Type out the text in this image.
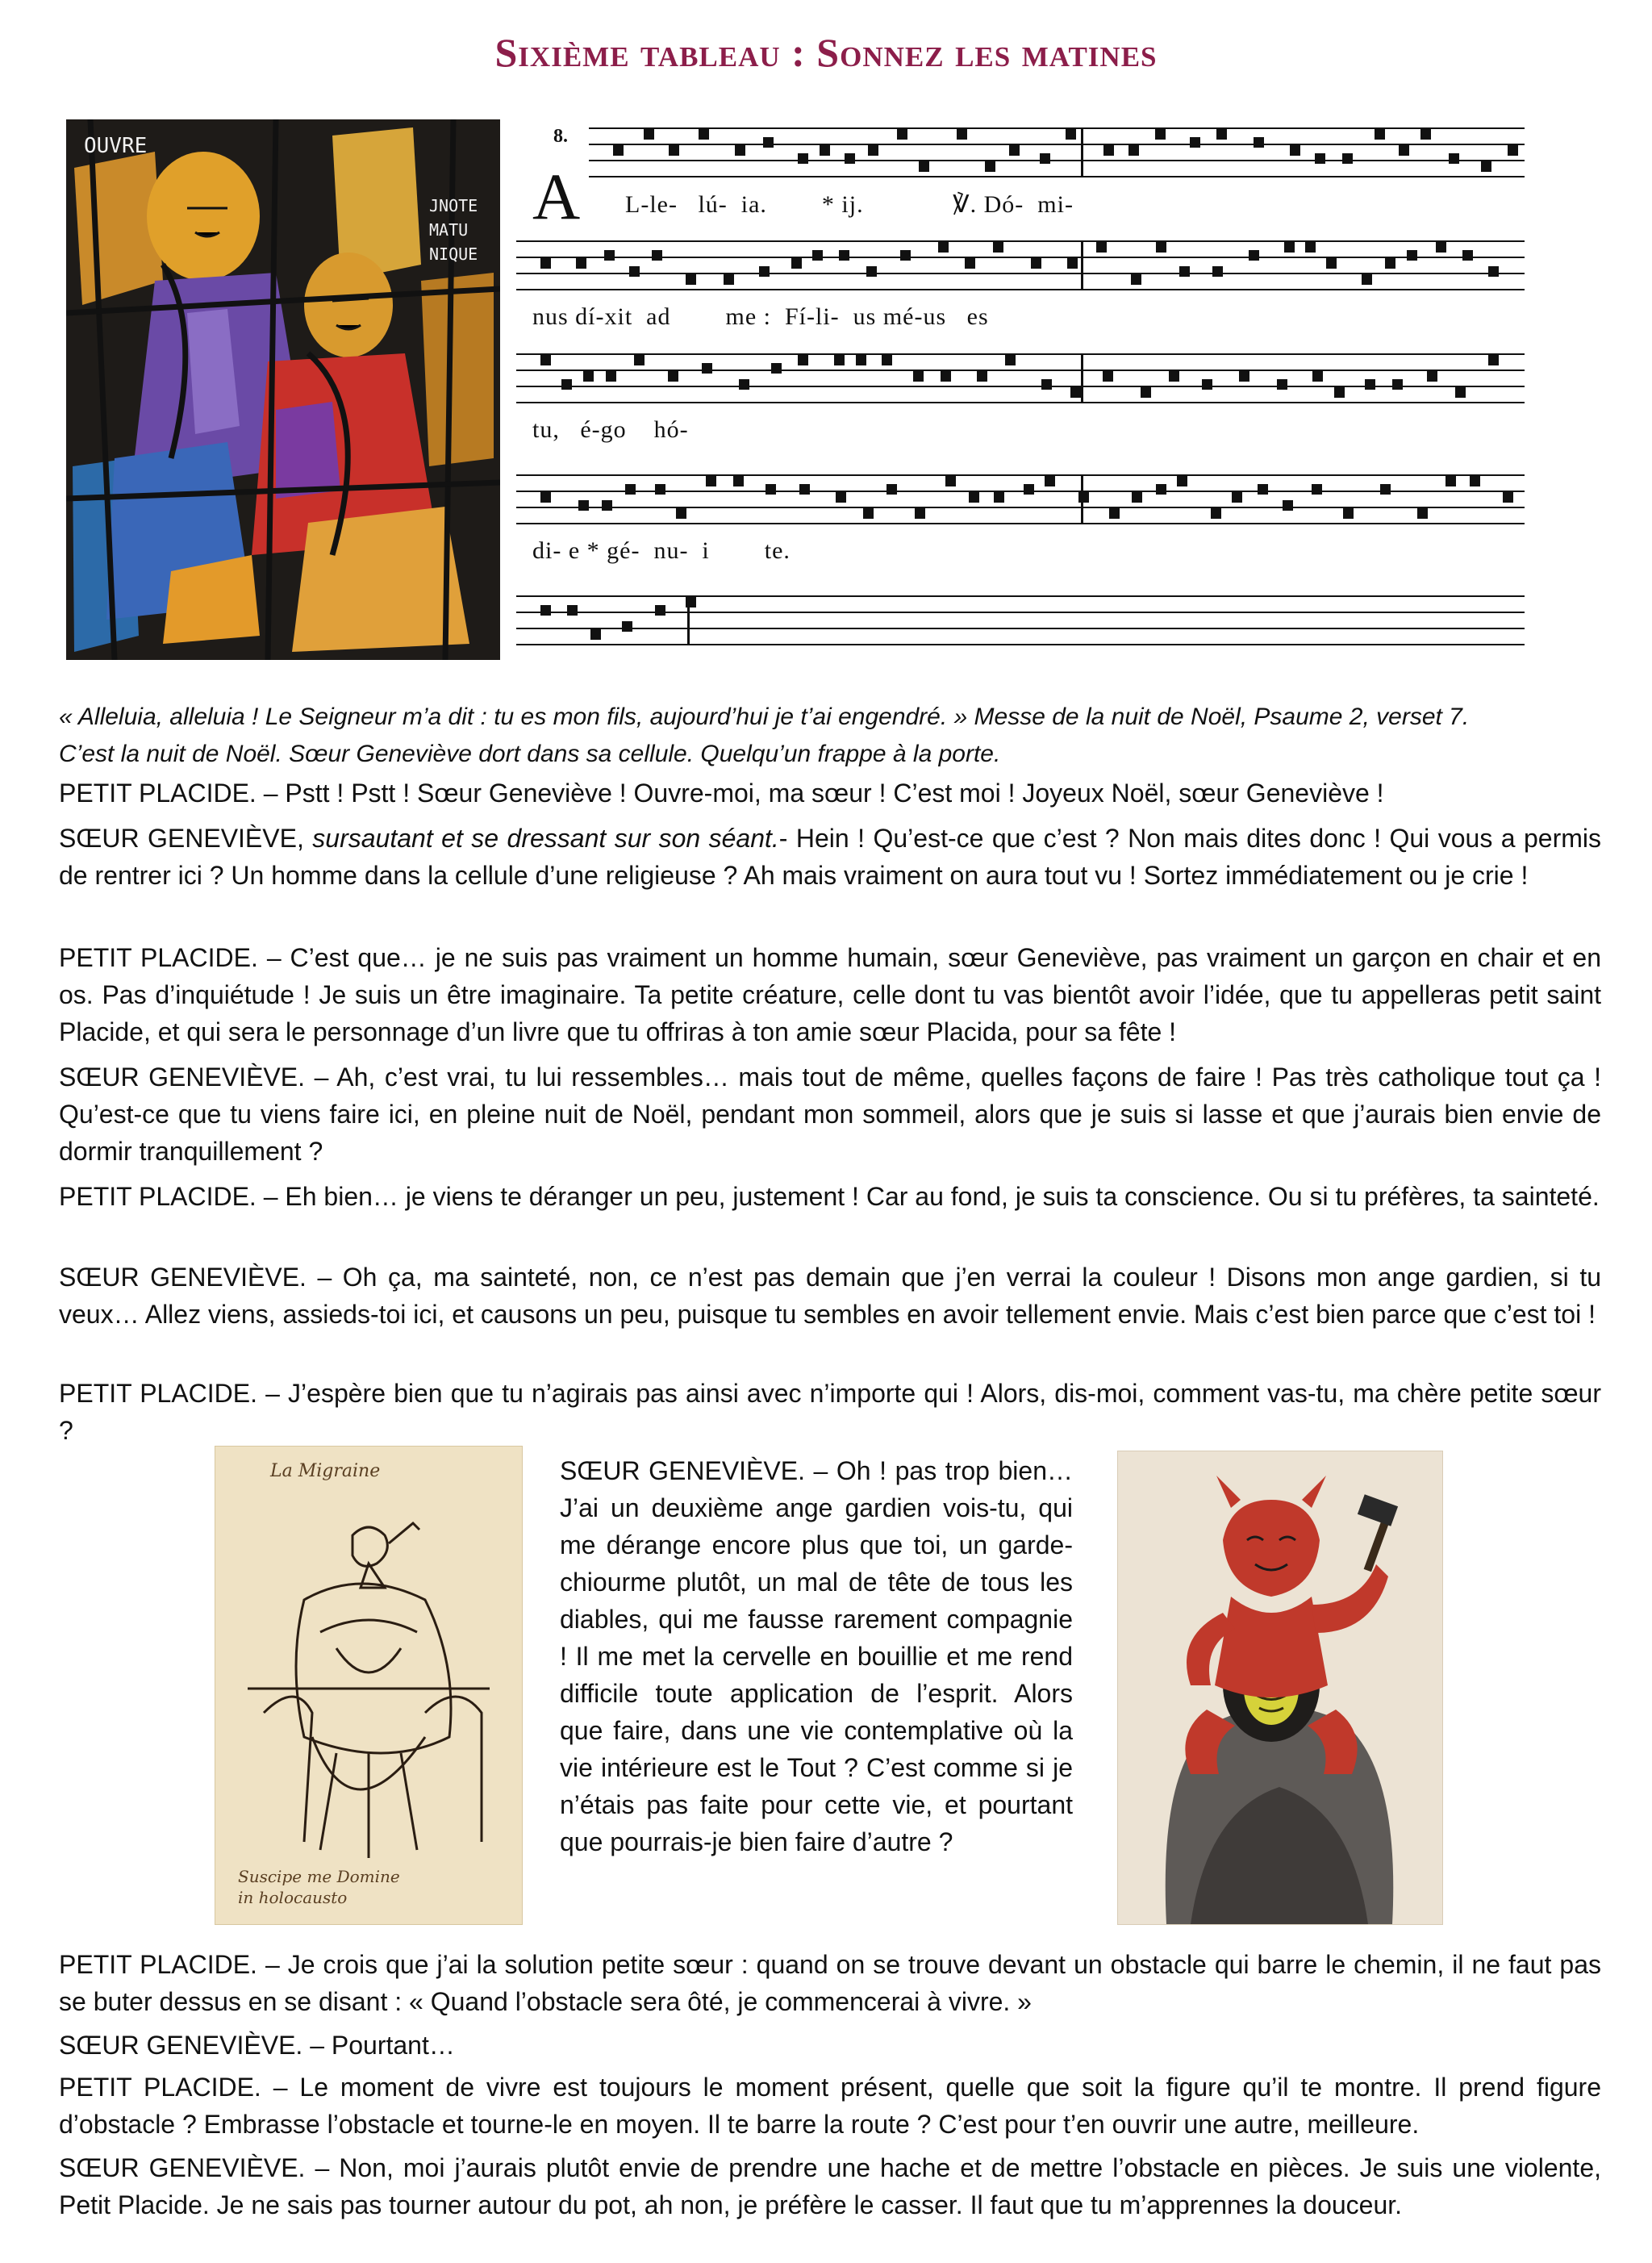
Sixième tableau : Sonnez les matines
OUVRE
JNOTE
MATU
NIQUE
8.
A L-le-   lú-  ia.        * ij.             ℣. Dó-  mi-
nus dí-xit  ad        me :  Fí-li-  us mé-us   es
tu,   é-go    hó-
di- e * gé-  nu-  i        te.

« Alleluia, alleluia ! Le Seigneur m’a dit : tu es mon fils, aujourd’hui je t’ai engendré. » Messe de la nuit de Noël, Psaume 2, verset 7.

C’est la nuit de Noël. Sœur Geneviève dort dans sa cellule. Quelqu’un frappe à la porte.

PETIT PLACIDE. – Pstt ! Pstt ! Sœur Geneviève ! Ouvre-moi, ma sœur ! C’est moi ! Joyeux Noël, sœur Geneviève !

SŒUR GENEVIÈVE, sursautant et se dressant sur son séant.- Hein ! Qu’est-ce que c’est ? Non mais dites donc ! Qui vous a permis de rentrer ici ? Un homme dans la cellule d’une religieuse ? Ah mais vraiment on aura tout vu ! Sortez immédiatement ou je crie !

PETIT PLACIDE. – C’est que… je ne suis pas vraiment un homme humain, sœur Geneviève, pas vraiment un garçon en chair et en os. Pas d’inquiétude ! Je suis un être imaginaire. Ta petite créature, celle dont tu vas bientôt avoir l’idée, que tu appelleras petit saint Placide, et qui sera le personnage d’un livre que tu offriras à ton amie sœur Placida, pour sa fête !

SŒUR GENEVIÈVE. – Ah, c’est vrai, tu lui ressembles… mais tout de même, quelles façons de faire ! Pas très catholique tout ça ! Qu’est-ce que tu viens faire ici, en pleine nuit de Noël, pendant mon sommeil, alors que je suis si lasse et que j’aurais bien envie de dormir tranquillement ?

PETIT PLACIDE. – Eh bien… je viens te déranger un peu, justement ! Car au fond, je suis ta conscience. Ou si tu préfères, ta sainteté.

SŒUR GENEVIÈVE. – Oh ça, ma sainteté, non, ce n’est pas demain que j’en verrai la couleur ! Disons mon ange gardien, si tu veux… Allez viens, assieds-toi ici, et causons un peu, puisque tu sembles en avoir tellement envie. Mais c’est bien parce que c’est toi !

PETIT PLACIDE. – J’espère bien que tu n’agirais pas ainsi avec n’importe qui ! Alors, dis-moi, comment vas-tu, ma chère petite sœur ?

La Migraine
Suscipe me Domine
in holocausto

SŒUR GENEVIÈVE. – Oh ! pas trop bien… J’ai un deuxième ange gardien vois-tu, qui me dérange encore plus que toi, un garde-chiourme plutôt, un mal de tête de tous les diables, qui me fausse rarement compagnie ! Il me met la cervelle en bouillie et me rend difficile toute application de l’esprit. Alors que faire, dans une vie contemplative où la vie intérieure est le Tout ? C’est comme si je n’étais pas faite pour cette vie, et pourtant que pourrais-je bien faire d’autre ?

PETIT PLACIDE. – Je crois que j’ai la solution petite sœur : quand on se trouve devant un obstacle qui barre le chemin, il ne faut pas se buter dessus en se disant : « Quand l’obstacle sera ôté, je commencerai à vivre. »

SŒUR GENEVIÈVE. – Pourtant…

PETIT PLACIDE. – Le moment de vivre est toujours le moment présent, quelle que soit la figure qu’il te montre. Il prend figure d’obstacle ? Embrasse l’obstacle et tourne-le en moyen. Il te barre la route ? C’est pour t’en ouvrir une autre, meilleure.

SŒUR GENEVIÈVE. – Non, moi j’aurais plutôt envie de prendre une hache et de mettre l’obstacle en pièces. Je suis une violente, Petit Placide. Je ne sais pas tourner autour du pot, ah non, je préfère le casser. Il faut que tu m’apprennes la douceur.
